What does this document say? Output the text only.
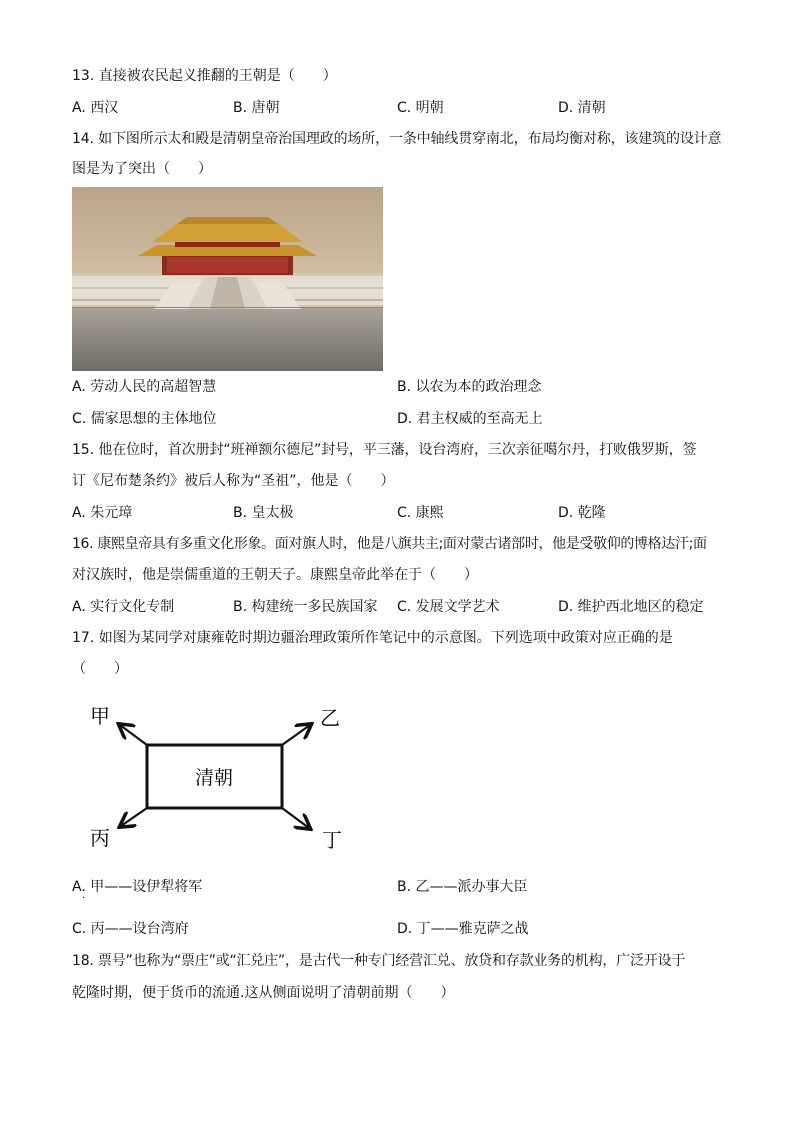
13. 直接被农民起义推翻的王朝是（　　）
A. 西汉	B. 唐朝	C. 明朝	D. 清朝
14. 如下图所示太和殿是清朝皇帝治国理政的场所，一条中轴线贯穿南北，布局均衡对称，该建筑的设计意
图是为了突出（　　）
A. 劳动人民的高超智慧	B. 以农为本的政治理念
C. 儒家思想的主体地位	D. 君主权威的至高无上
15. 他在位时，首次册封“班禅额尔德尼”封号，平三藩，设台湾府，三次亲征噶尔丹，打败俄罗斯，签
订《尼布楚条约》被后人称为“圣祖”，他是（　　）
A. 朱元璋	B. 皇太极	C. 康熙	D. 乾隆
16. 康熙皇帝具有多重文化形象。面对旗人时，他是八旗共主;面对蒙古诸部时，他是受敬仰的博格达汗;面
对汉族时，他是崇儒重道的王朝天子。康熙皇帝此举在于（　　）
A. 实行文化专制	B. 构建统一多民族国家 C. 发展文学艺术	D. 维护西北地区的稳定
17. 如图为某同学对康雍乾时期边疆治理政策所作笔记中的示意图。下列选项中政策对应正确的是
（　　）
清朝
甲	乙
丙	丁
A. 甲——设伊犁将军	B. 乙——派办事大臣
·
C. 丙——设台湾府	D. 丁——雅克萨之战
18. 票号”也称为“票庄”或“汇兑庄”，是古代一种专门经营汇兑、放贷和存款业务的机构，广泛开设于
乾隆时期，便于货币的流通.这从侧面说明了清朝前期（　　）
